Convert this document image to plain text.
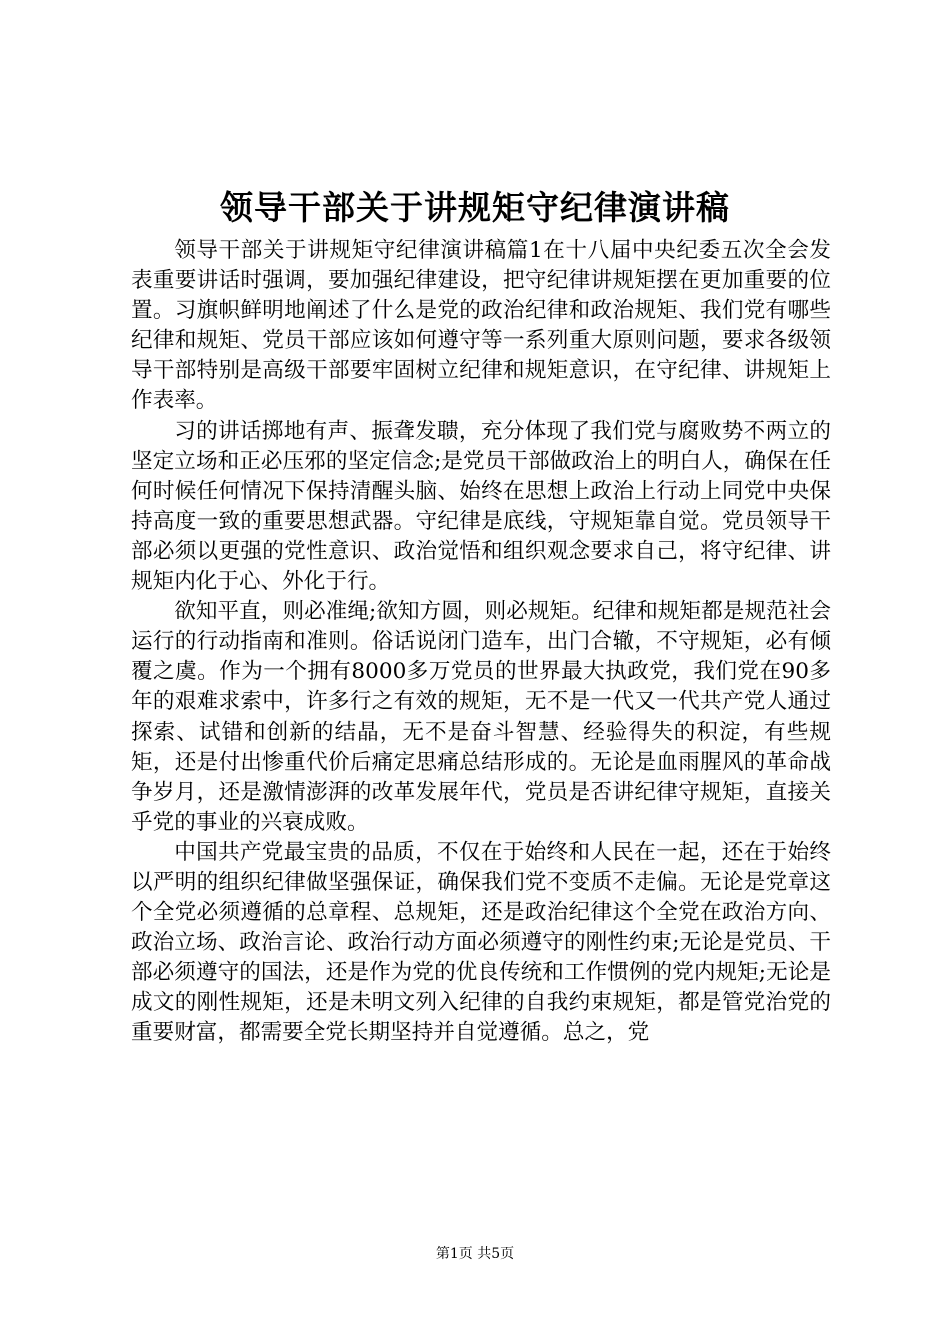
领导干部关于讲规矩守纪律演讲稿

领导干部关于讲规矩守纪律演讲稿篇1在十八届中央纪委五次全会发表重要讲话时强调，要加强纪律建设，把守纪律讲规矩摆在更加重要的位置。习旗帜鲜明地阐述了什么是党的政治纪律和政治规矩、我们党有哪些纪律和规矩、党员干部应该如何遵守等一系列重大原则问题，要求各级领导干部特别是高级干部要牢固树立纪律和规矩意识，在守纪律、讲规矩上作表率。

习的讲话掷地有声、振聋发聩，充分体现了我们党与腐败势不两立的坚定立场和正必压邪的坚定信念;是党员干部做政治上的明白人，确保在任何时候任何情况下保持清醒头脑、始终在思想上政治上行动上同党中央保持高度一致的重要思想武器。守纪律是底线，守规矩靠自觉。党员领导干部必须以更强的党性意识、政治觉悟和组织观念要求自己，将守纪律、讲规矩内化于心、外化于行。

欲知平直，则必准绳;欲知方圆，则必规矩。纪律和规矩都是规范社会运行的行动指南和准则。俗话说闭门造车，出门合辙，不守规矩，必有倾覆之虞。作为一个拥有8000多万党员的世界最大执政党，我们党在90多年的艰难求索中，许多行之有效的规矩，无不是一代又一代共产党人通过探索、试错和创新的结晶，无不是奋斗智慧、经验得失的积淀，有些规矩，还是付出惨重代价后痛定思痛总结形成的。无论是血雨腥风的革命战争岁月，还是激情澎湃的改革发展年代，党员是否讲纪律守规矩，直接关乎党的事业的兴衰成败。

中国共产党最宝贵的品质，不仅在于始终和人民在一起，还在于始终以严明的组织纪律做坚强保证，确保我们党不变质不走偏。无论是党章这个全党必须遵循的总章程、总规矩，还是政治纪律这个全党在政治方向、政治立场、政治言论、政治行动方面必须遵守的刚性约束;无论是党员、干部必须遵守的国法，还是作为党的优良传统和工作惯例的党内规矩;无论是成文的刚性规矩，还是未明文列入纪律的自我约束规矩，都是管党治党的重要财富，都需要全党长期坚持并自觉遵循。总之，党

第1页 共5页
